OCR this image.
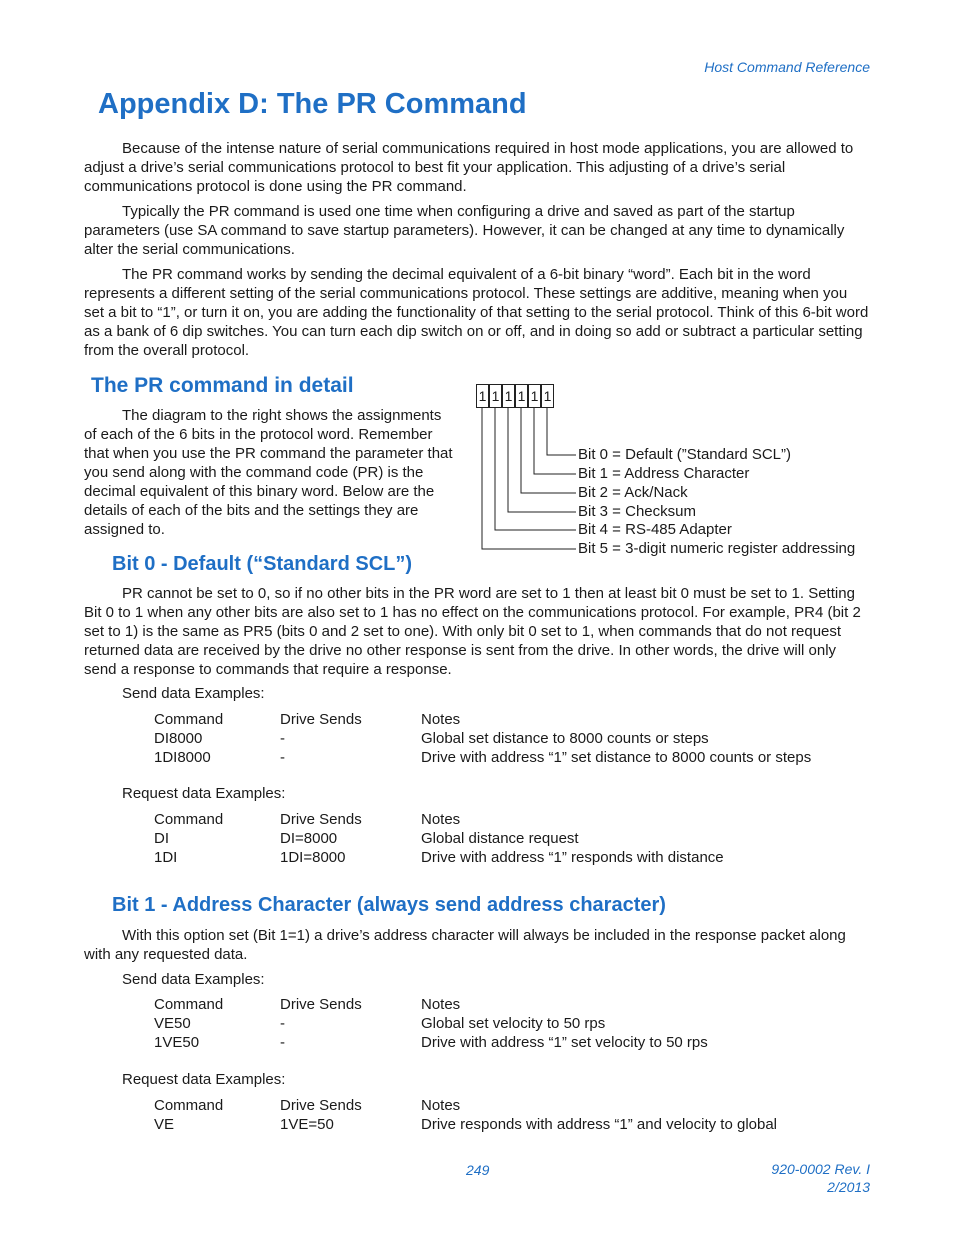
Host Command Reference
Appendix D: The PR Command

Because of the intense nature of serial communications required in host mode applications, you are allowed to adjust a drive’s serial communications protocol to best fit your application. This adjusting of a drive’s serial communications protocol is done using the PR command.

Typically the PR command is used one time when configuring a drive and saved as part of the startup parameters (use SA command to save startup parameters). However, it can be changed at any time to dynamically alter the serial communications.

The PR command works by sending the decimal equivalent of a 6-bit binary “word”. Each bit in the word represents a different setting of the serial communications protocol. These settings are additive, meaning when you set a bit to “1”, or turn it on, you are adding the functionality of that setting to the serial protocol. Think of this 6-bit word as a bank of 6 dip switches. You can turn each dip switch on or off, and in doing so add or subtract a particular setting from the overall protocol.

The PR command in detail

The diagram to the right shows the assignments of each of the 6 bits in the protocol word. Remember that when you use the PR command the parameter that you send along with the command code (PR) is the decimal equivalent of this binary word. Below are the details of each of the bits and the settings they are assigned to.

1 1 1 1 1 1
Bit 0 = Default (”Standard SCL”)
Bit 1 = Address Character
Bit 2 = Ack/Nack
Bit 3 = Checksum
Bit 4 = RS-485 Adapter
Bit 5 = 3-digit numeric register addressing
Bit 0 - Default (“Standard SCL”)

PR cannot be set to 0, so if no other bits in the PR word are set to 1 then at least bit 0 must be set to 1. Setting Bit 0 to 1 when any other bits are also set to 1 has no effect on the communications protocol. For example, PR4 (bit 2 set to 1) is the same as PR5 (bits 0 and 2 set to one). With only bit 0 set to 1, when commands that do not request returned data are received by the drive no other response is sent from the drive. In other words, the drive will only send a response to commands that require a response.

Send data Examples:
Command	Drive Sends	Notes
DI8000	-	Global set distance to 8000 counts or steps
1DI8000	-	Drive with address “1” set distance to 8000 counts or steps
Request data Examples:
Command	Drive Sends	Notes
DI	DI=8000	Global distance request
1DI	1DI=8000	Drive with address “1” responds with distance
Bit 1 - Address Character (always send address character)

With this option set (Bit 1=1) a drive’s address character will always be included in the response packet along with any requested data.

Send data Examples:
Command	Drive Sends	Notes
VE50	-	Global set velocity to 50 rps
1VE50	-	Drive with address “1” set velocity to 50 rps
Request data Examples:
Command	Drive Sends	Notes
VE	1VE=50	Drive responds with address “1” and velocity to global
249	920-0002 Rev. I
2/2013
